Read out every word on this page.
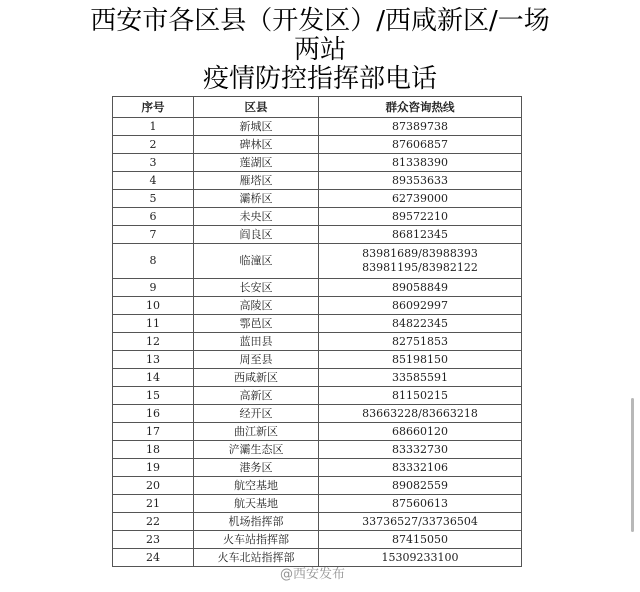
西安市各区县（开发区）/西咸新区/一场
两站
疫情防控指挥部电话
序号	区县	群众咨询热线
1	新城区	87389738

2	碑林区	87606857

3	莲湖区	81338390

4	雁塔区	89353633

5	灞桥区	62739000

6	未央区	89572210

7	阎良区	86812345

8	临潼区	83981689/83988393
83981195/83982122

9	长安区	89058849

10	高陵区	86092997

11	鄠邑区	84822345

12	蓝田县	82751853

13	周至县	85198150

14	西咸新区	33585591

15	高新区	81150215

16	经开区	83663228/83663218

17	曲江新区	68660120

18	浐灞生态区	83332730

19	港务区	83332106

20	航空基地	89082559

21	航天基地	87560613

22	机场指挥部	33736527/33736504

23	火车站指挥部	87415050

24	火车北站指挥部	15309233100
@西安发布
